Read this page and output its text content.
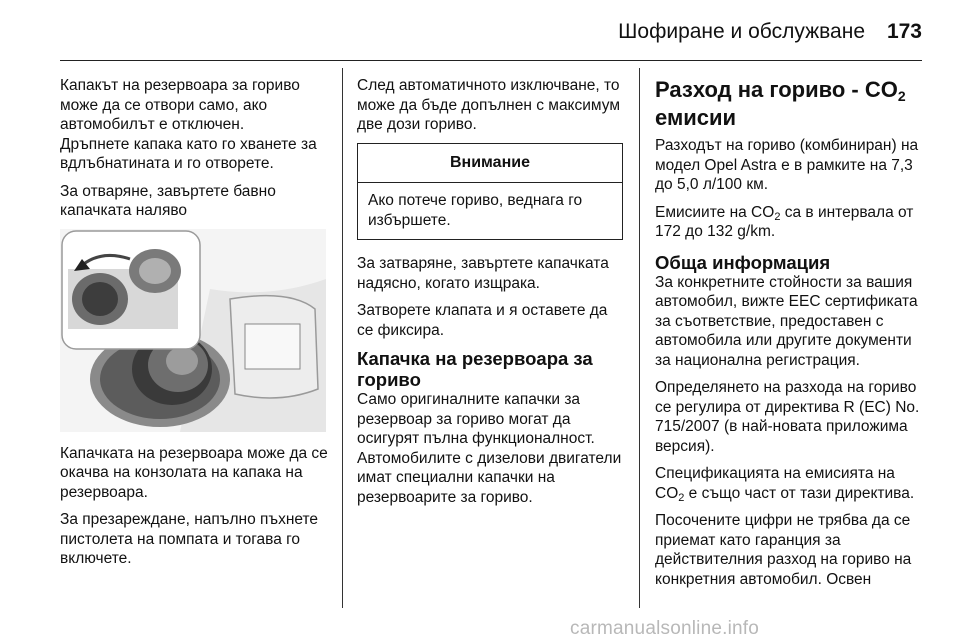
Шофиране и обслужване 173

Капакът на резервоара за гориво може да се отвори само, ако автомобилът е отключен.

Дръпнете капака като го хванете за вдлъбнатината и го отворете.

За отваряне, завъртете бавно капачката наляво

Капачката на резервоара може да се окачва на конзолата на капака на резервоара.

За презареждане, напълно пъхнете пистолета на помпата и тогава го включете.

След автоматичното изключване, то може да бъде допълнен с максимум две дози гориво.

Внимание
Ако потече гориво, веднага го избършете.

За затваряне, завъртете капачката надясно, когато изщрака.

Затворете клапата и я оставете да се фиксира.

Капачка на резервоара за гориво

Само оригиналните капачки за резервоар за гориво могат да осигурят пълна функционалност. Автомобилите с дизелови двигатели имат специални капачки на резервоарите за гориво.

Разход на гориво - $CO_2$
емисии

Разходът на гориво (комбиниран) на модел Opel Astra е в рамките на 7,3 до 5,0 л/100 км.

Емисиите на $CO_2$ са в интервала от 172 до 132 g/km.

Обща информация

За конкретните стойности за вашия автомобил, вижте ЕЕС сертификата за съответствие, предоставен с автомобила или другите документи за национална регистрация.

Определянето на разхода на гориво се регулира от директива R (ЕС) No. 715/2007 (в най-новата приложима версия).

Спецификацията на емисията на $CO_2$ е също част от тази директива.

Посочените цифри не трябва да се приемат като гаранция за действителния разход на гориво на конкретния автомобил. Освен

carmanualsonline.info
